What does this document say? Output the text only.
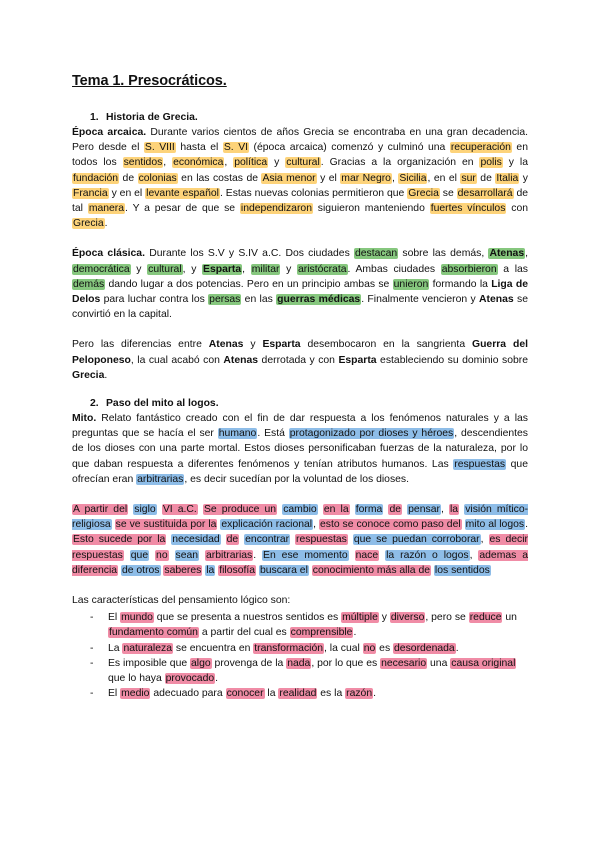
Tema 1. Presocráticos.
1. Historia de Grecia.

Época arcaica. Durante varios cientos de años Grecia se encontraba en una gran decadencia. Pero desde el S. VIII hasta el S. VI (época arcaica) comenzó y culminó una recuperación en todos los sentidos, económica, política y cultural. Gracias a la organización en polis y la fundación de colonias en las costas de Asia menor y el mar Negro, Sicilia, en el sur de Italia y Francia y en el levante español. Estas nuevas colonias permitieron que Grecia se desarrollará de tal manera. Y a pesar de que se independizaron siguieron manteniendo fuertes vínculos con Grecia.

Época clásica. Durante los S.V y S.IV a.C. Dos ciudades destacan sobre las demás, Atenas, democrática y cultural, y Esparta, militar y aristócrata. Ambas ciudades absorbieron a las demás dando lugar a dos potencias. Pero en un principio ambas se unieron formando la Liga de Delos para luchar contra los persas en las guerras médicas. Finalmente vencieron y Atenas se convirtió en la capital.

Pero las diferencias entre Atenas y Esparta desembocaron en la sangrienta Guerra del Peloponeso, la cual acabó con Atenas derrotada y con Esparta estableciendo su dominio sobre Grecia.

2. Paso del mito al logos.

Mito. Relato fantástico creado con el fin de dar respuesta a los fenómenos naturales y a las preguntas que se hacía el ser humano. Está protagonizado por dioses y héroes, descendientes de los dioses con una parte mortal. Estos dioses personificaban fuerzas de la naturaleza, por lo que daban respuesta a diferentes fenómenos y tenían atributos humanos. Las respuestas que ofrecían eran arbitrarias, es decir sucedían por la voluntad de los dioses.

A partir del siglo VI a.C. Se produce un cambio en la forma de pensar, la visión mítico-religiosa se ve sustituida por la explicación racional, esto se conoce como paso del mito al logos. Esto sucede por la necesidad de encontrar respuestas que se puedan corroborar, es decir respuestas que no sean arbitrarias. En ese momento nace la razón o logos, ademas a diferencia de otros saberes la filosofía buscara el conocimiento más alla de los sentidos

Las características del pensamiento lógico son:

- El mundo que se presenta a nuestros sentidos es múltiple y diverso, pero se reduce un fundamento común a partir del cual es comprensible.
- La naturaleza se encuentra en transformación, la cual no es desordenada.
- Es imposible que algo provenga de la nada, por lo que es necesario una causa original que lo haya provocado.
- El medio adecuado para conocer la realidad es la razón.
